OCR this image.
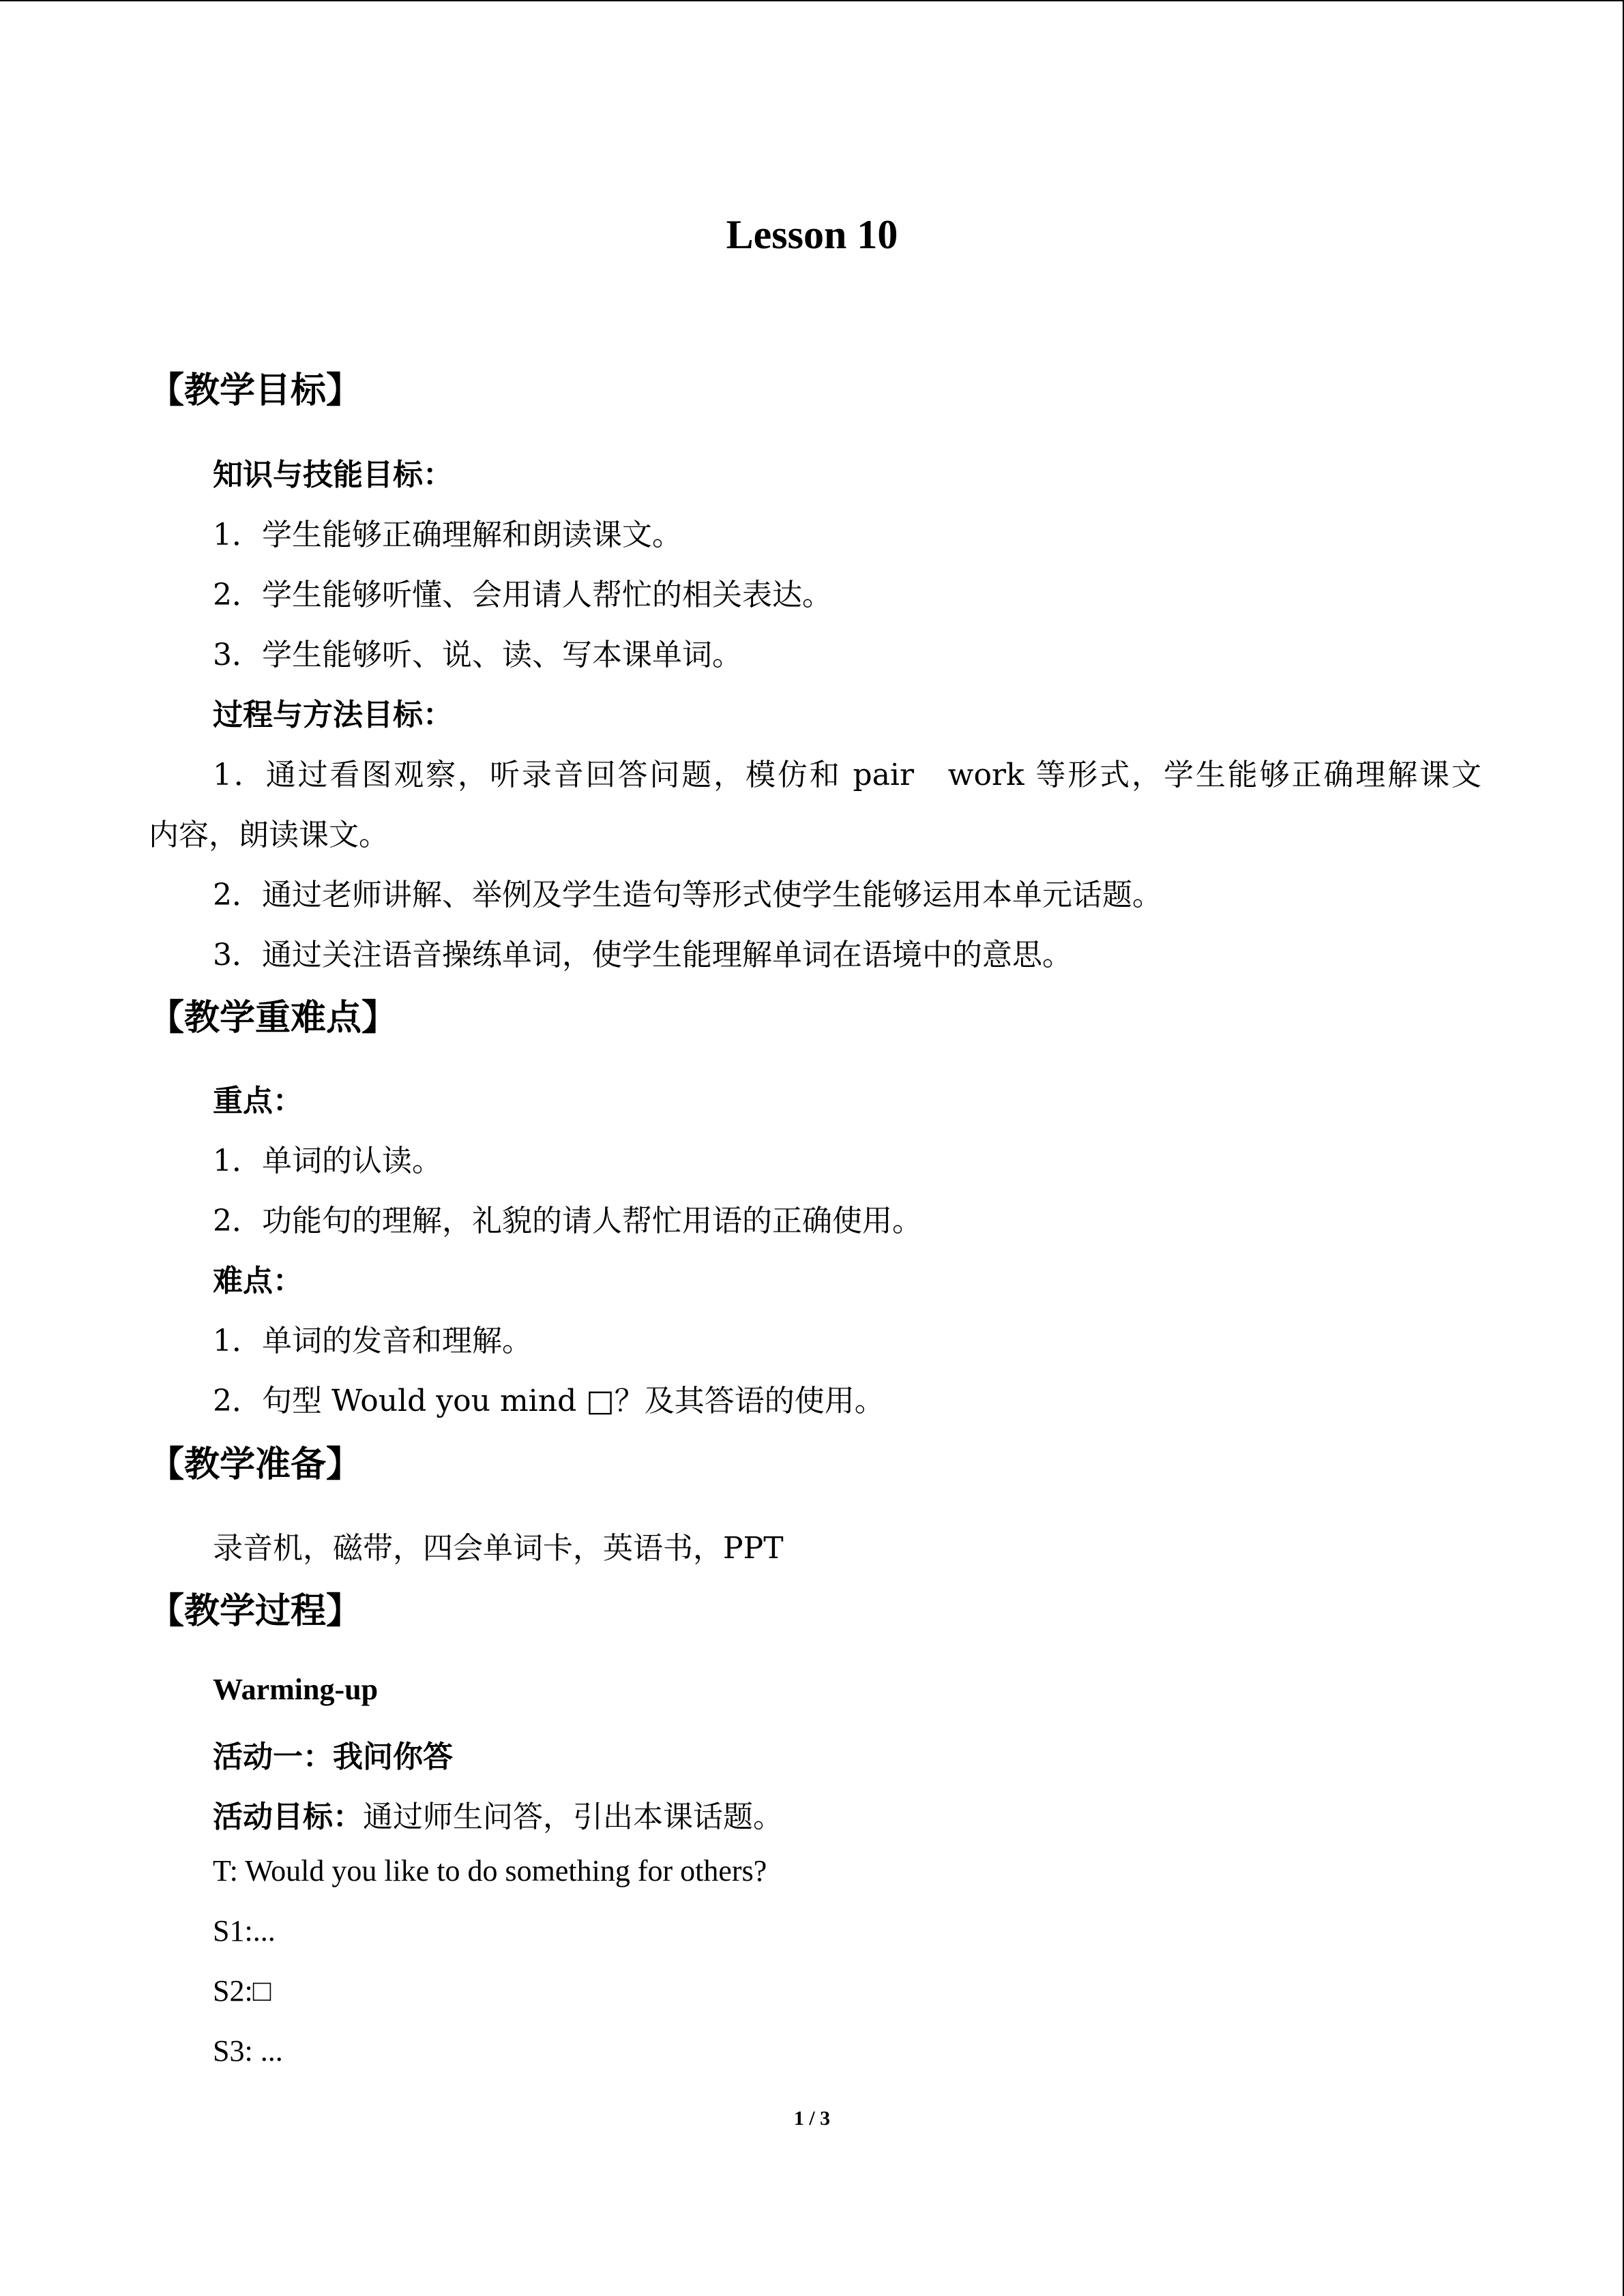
Lesson 10
【教学目标】
知识与技能目标：
1．学生能够正确理解和朗读课文。
2．学生能够听懂、会用请人帮忙的相关表达。
3．学生能够听、说、读、写本课单词。
过程与方法目标：
1．通过看图观察，听录音回答问题，模仿和 pair　work 等形式，学生能够正确理解课文
内容，朗读课文。
2．通过老师讲解、举例及学生造句等形式使学生能够运用本单元话题。
3．通过关注语音操练单词，使学生能理解单词在语境中的意思。
【教学重难点】
重点：
1．单词的认读。
2．功能句的理解，礼貌的请人帮忙用语的正确使用。
难点：
1．单词的发音和理解。
2．句型 Would you mind □？及其答语的使用。
【教学准备】
录音机，磁带，四会单词卡，英语书，PPT
【教学过程】
Warming-up
活动一：我问你答
活动目标：通过师生问答，引出本课话题。
T: Would you like to do something for others?
S1:...
S2:□
S3: ...
1 / 3
